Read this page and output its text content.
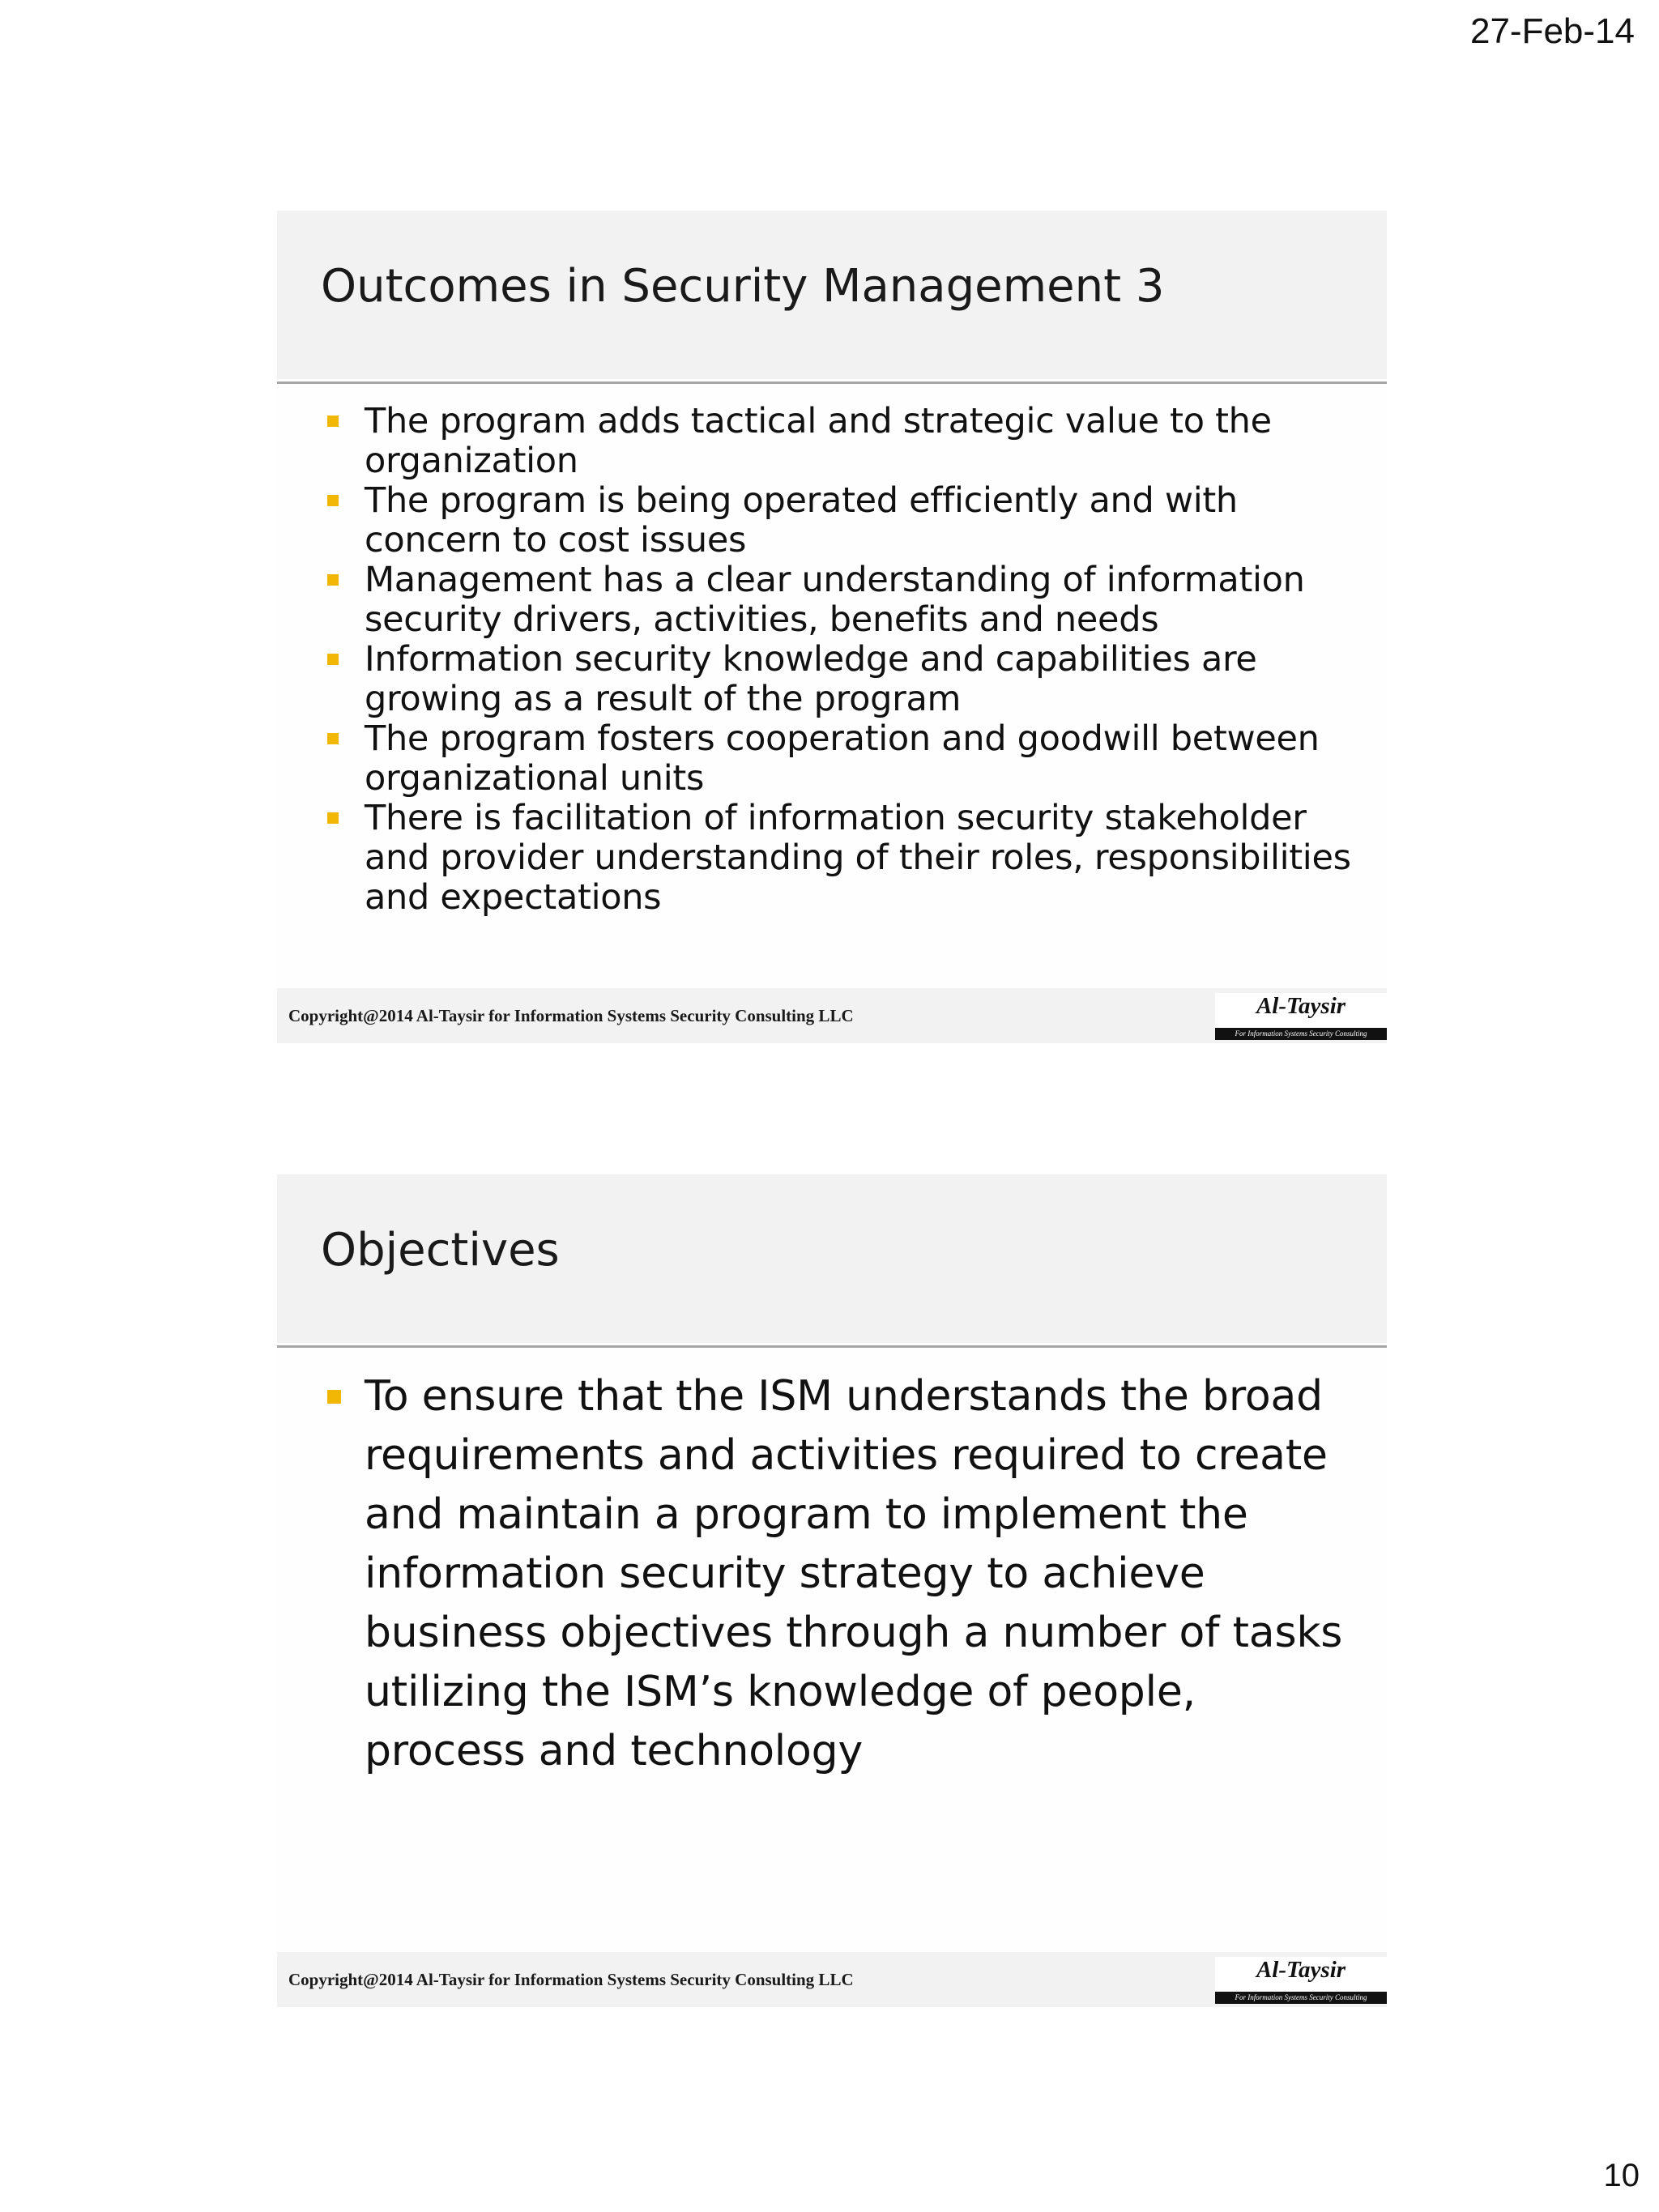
27-Feb-14
Outcomes in Security Management 3
The program adds tactical and strategic value to the organization
The program is being operated efficiently and with concern to cost issues
Management has a clear understanding of information security drivers, activities, benefits and needs
Information security knowledge and capabilities are growing as a result of the program
The program fosters cooperation and goodwill between organizational units
There is facilitation of information security stakeholder and provider understanding of their roles, responsibilities and expectations
Copyright@2014 Al-Taysir for Information Systems Security Consulting LLC	Al-Taysir
For Information Systems Security Consulting
Objectives
To ensure that the ISM understands the broad requirements and activities required to create and maintain a program to implement the information security strategy to achieve business objectives through a number of tasks utilizing the ISM’s knowledge of people, process and technology
Copyright@2014 Al-Taysir for Information Systems Security Consulting LLC	Al-Taysir
For Information Systems Security Consulting
10
